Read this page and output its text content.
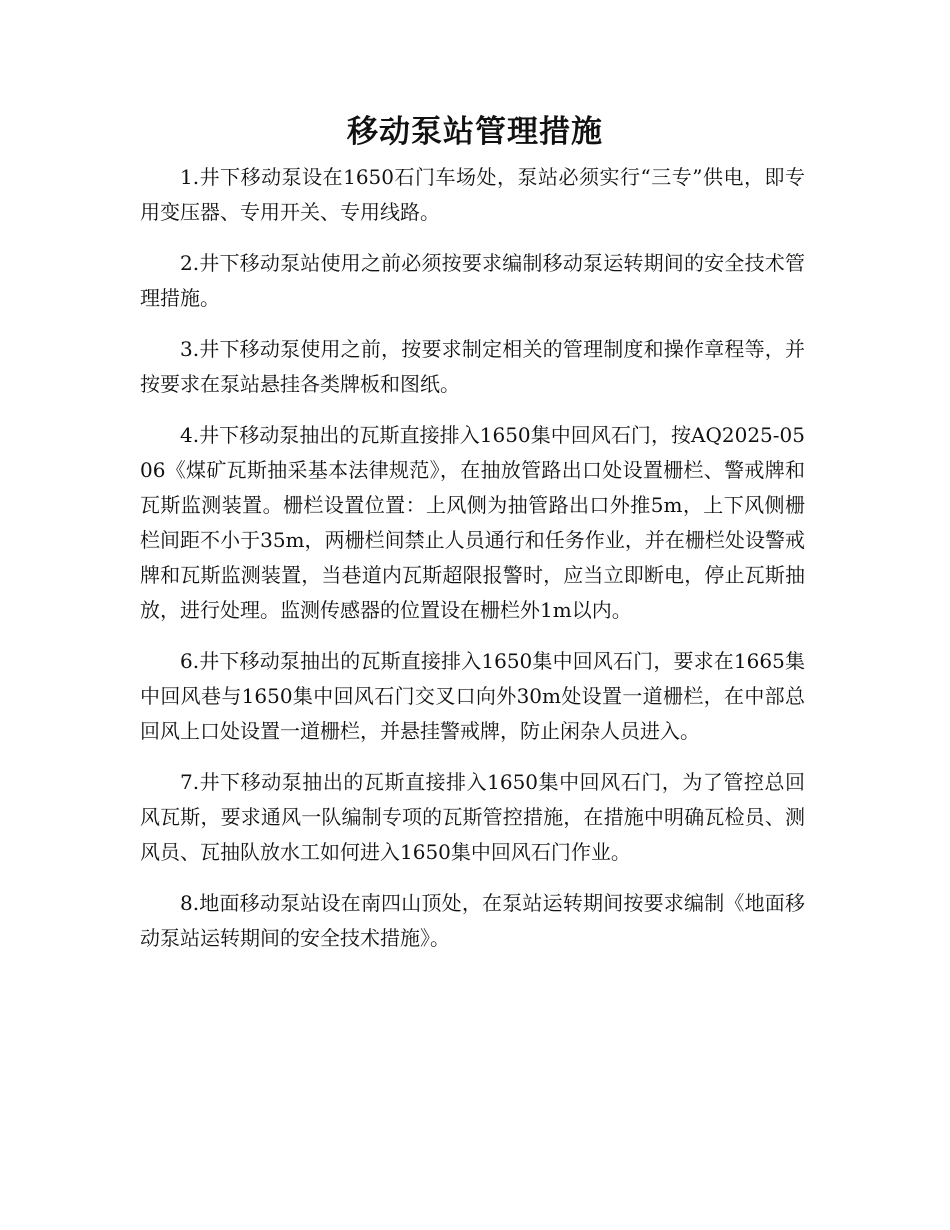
移动泵站管理措施

1.井下移动泵设在1650石门车场处，泵站必须实行“三专”供电，即专用变压器、专用开关、专用线路。

2.井下移动泵站使用之前必须按要求编制移动泵运转期间的安全技术管理措施。

3.井下移动泵使用之前，按要求制定相关的管理制度和操作章程等，并按要求在泵站悬挂各类牌板和图纸。

4.井下移动泵抽出的瓦斯直接排入1650集中回风石门，按AQ2025-0506《煤矿瓦斯抽采基本法律规范》，在抽放管路出口处设置栅栏、警戒牌和瓦斯监测装置。栅栏设置位置：上风侧为抽管路出口外推5m，上下风侧栅栏间距不小于35m，两栅栏间禁止人员通行和任务作业，并在栅栏处设警戒牌和瓦斯监测装置，当巷道内瓦斯超限报警时，应当立即断电，停止瓦斯抽放，进行处理。监测传感器的位置设在栅栏外1m以内。

6.井下移动泵抽出的瓦斯直接排入1650集中回风石门，要求在1665集中回风巷与1650集中回风石门交叉口向外30m处设置一道栅栏，在中部总回风上口处设置一道栅栏，并悬挂警戒牌，防止闲杂人员进入。

7.井下移动泵抽出的瓦斯直接排入1650集中回风石门，为了管控总回风瓦斯，要求通风一队编制专项的瓦斯管控措施，在措施中明确瓦检员、测风员、瓦抽队放水工如何进入1650集中回风石门作业。

8.地面移动泵站设在南四山顶处，在泵站运转期间按要求编制《地面移动泵站运转期间的安全技术措施》。
